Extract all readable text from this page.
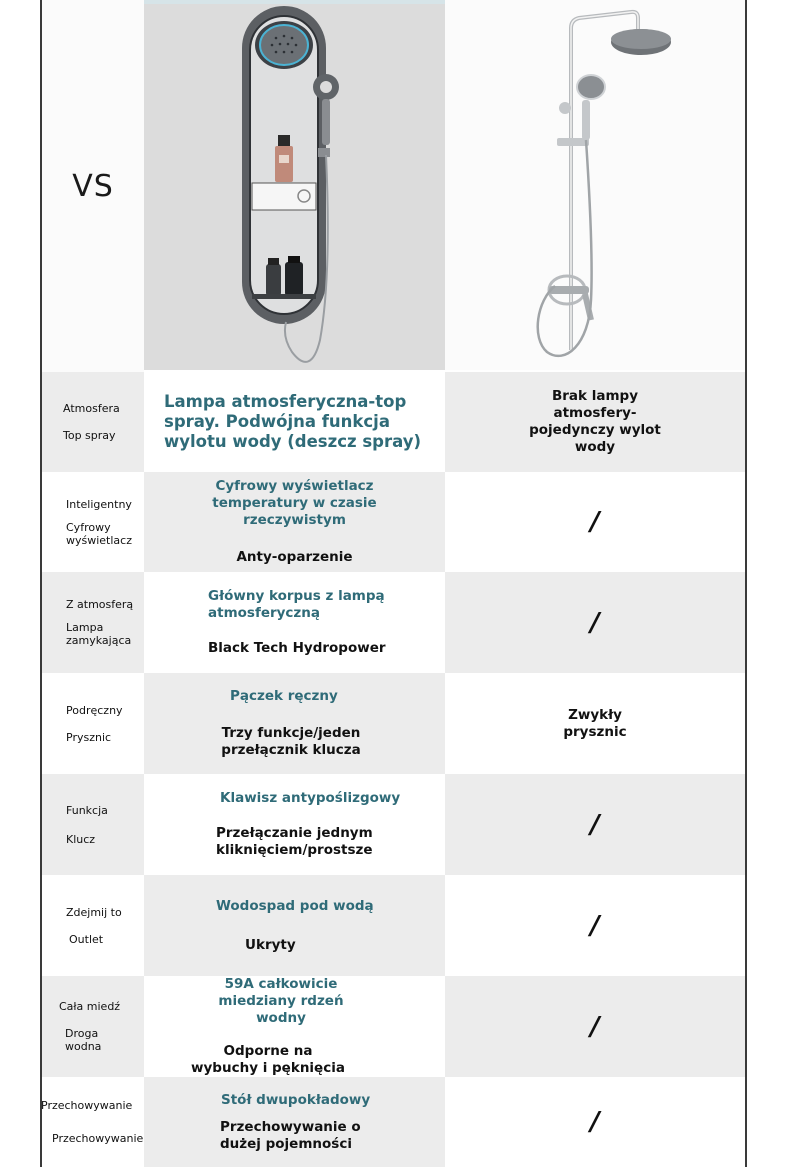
VS
Atmosfera
Top spray
Lampa atmosferyczna-top spray. Podwójna funkcja wylotu wody (deszcz spray)
Brak lampy atmosfery-pojedynczy wylot wody
Inteligentny
Cyfrowy wyświetlacz
Cyfrowy wyświetlacz temperatury w czasie rzeczywistym
Anty-oparzenie
/
Z atmosferą
Lampa zamykająca
Główny korpus z lampą atmosferyczną
Black Tech Hydropower
/
Podręczny
Prysznic
Pączek ręczny
Trzy funkcje/jeden przełącznik klucza
Zwykły prysznic
Funkcja
Klucz
Klawisz antypoślizgowy
Przełączanie jednym kliknięciem/prostsze
/
Zdejmij to
Outlet
Wodospad pod wodą
Ukryty
/
Cała miedź
Droga wodna
59A całkowicie miedziany rdzeń wodny
Odporne na wybuchy i pęknięcia
/
Przechowywanie
Przechowywanie
Stół dwupokładowy
Przechowywanie o dużej pojemności
/
